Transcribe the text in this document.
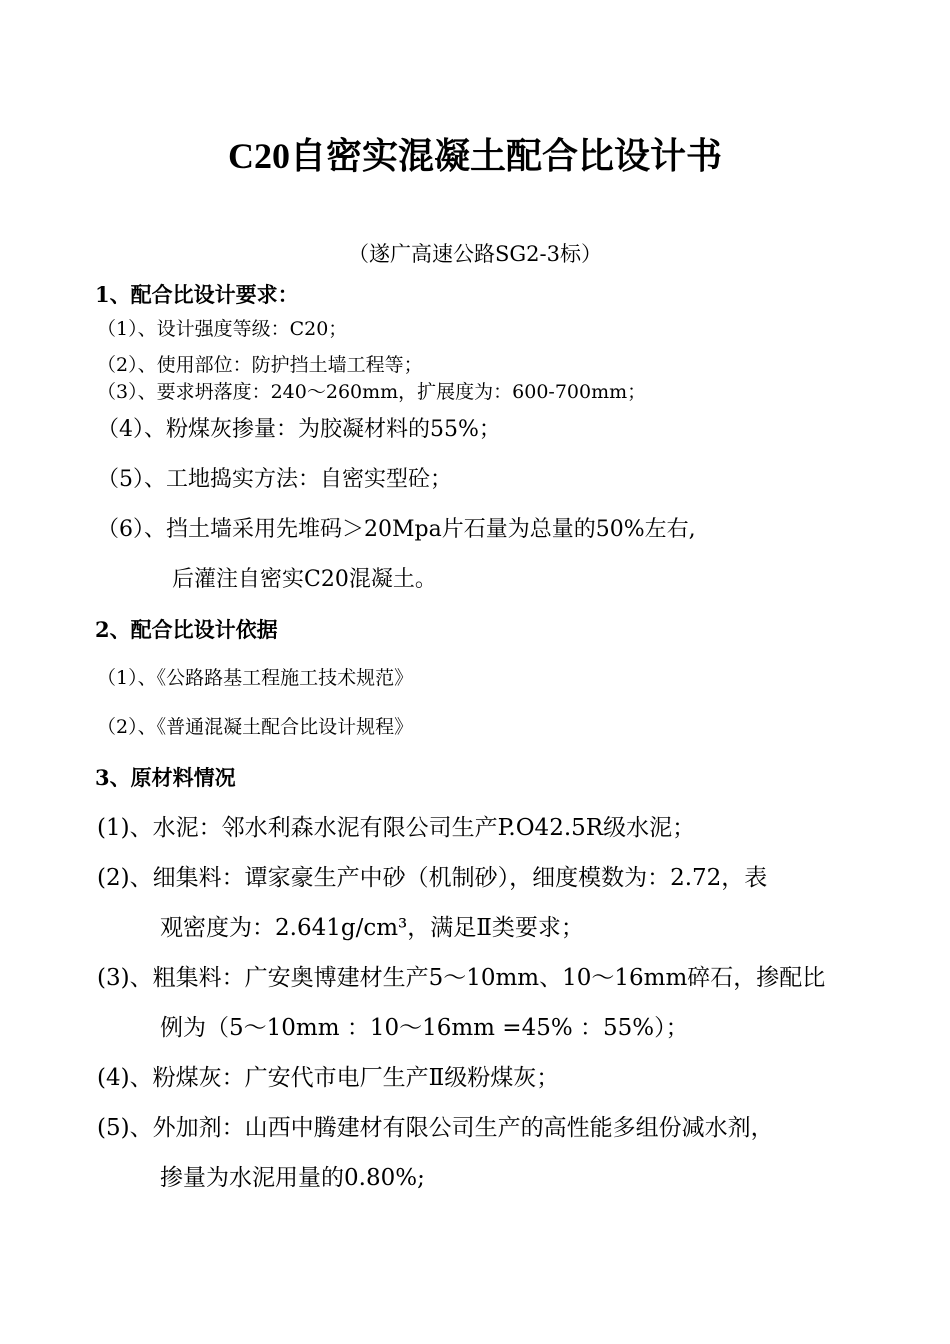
C20自密实混凝土配合比设计书
（遂广高速公路SG2-3标）
1、配合比设计要求：
（1）、设计强度等级：C20；
（2）、使用部位：防护挡土墙工程等；
（3）、要求坍落度：240～260mm，扩展度为：600-700mm；
（4）、粉煤灰掺量：为胶凝材料的55%；
（5）、工地捣实方法：自密实型砼；
（6）、挡土墙采用先堆码＞20Mpa片石量为总量的50%左右,
后灌注自密实C20混凝土。
2、配合比设计依据
（1）、《公路路基工程施工技术规范》
（2）、《普通混凝土配合比设计规程》
3、原材料情况
(1)、水泥：邻水利森水泥有限公司生产P.O42.5R级水泥；
(2)、细集料：谭家豪生产中砂（机制砂），细度模数为：2.72，表
观密度为：2.641g/cm³，满足Ⅱ类要求；
(3)、粗集料：广安奥博建材生产5～10mm、10～16mm碎石，掺配比
例为（5～10mm ：10～16mm =45% ：55%）；
(4)、粉煤灰：广安代市电厂生产Ⅱ级粉煤灰；
(5)、外加剂：山西中腾建材有限公司生产的高性能多组份减水剂，
掺量为水泥用量的0.80%;
